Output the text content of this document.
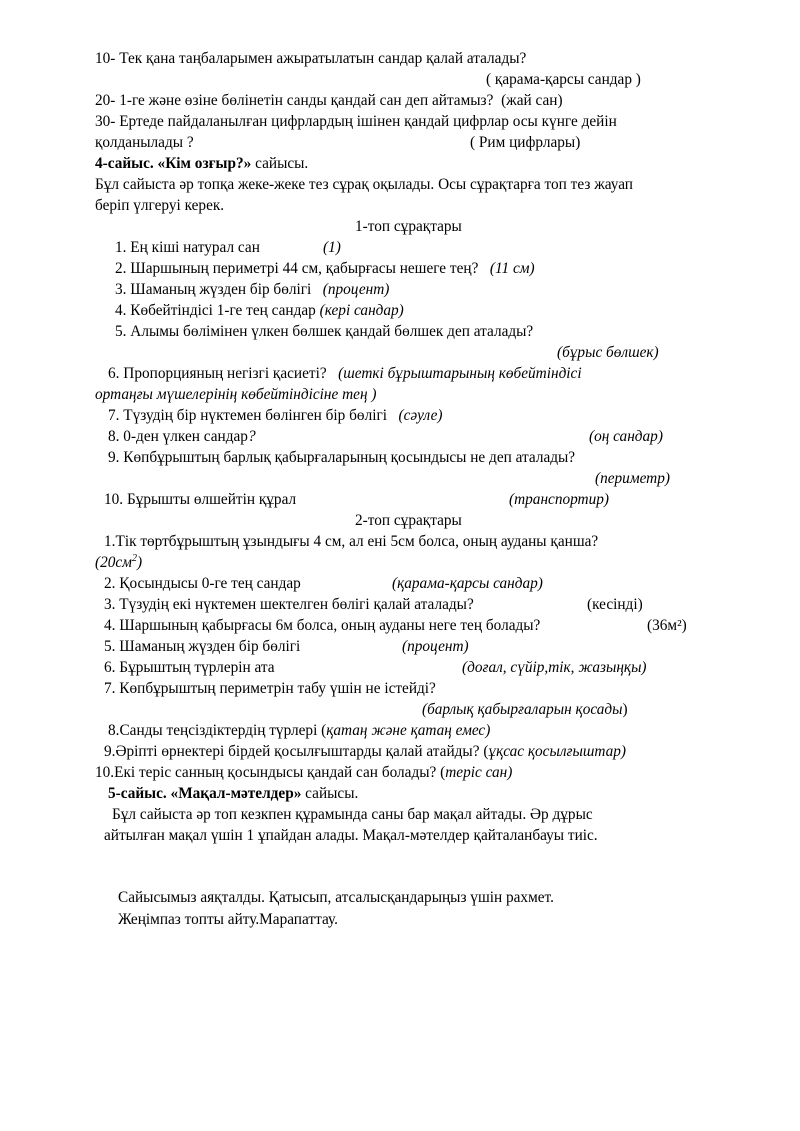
10- Тек қана таңбаларымен ажыратылатын сандар қалай аталады?
( қарама-қарсы сандар )
20- 1-ге және өзіне бөлінетін санды қандай сан деп айтамыз? (жай сан)
30- Ертеде пайдаланылған цифрлардың ішінен қандай цифрлар осы күнге дейін
қолданылады ?	( Рим цифрлары)
4-сайыс. «Кім озғыр?» сайысы.
Бұл сайыста әр топқа жеке-жеке тез сұрақ оқылады. Осы сұрақтарға топ тез жауап
беріп үлгеруі керек.
1-топ сұрақтары
1. Ең кіші натурал сан	(1)
2. Шаршының периметрі 44 см, қабырғасы нешеге тең? (11 см)
3. Шаманың жүзден бір бөлігі (процент)
4. Көбейтіндісі 1-ге тең сандар (кері сандар)
5. Алымы бөлімінен үлкен бөлшек қандай бөлшек деп аталады?
(бұрыс бөлшек)
6. Пропорцияның негізгі қасиеті? (шеткі бұрыштарының көбейтіндісі
ортаңғы мүшелерінің көбейтіндісіне тең )
7. Түзудің бір нүктемен бөлінген бір бөлігі (сәуле)
8. 0-ден үлкен сандар?	(оң сандар)
9. Көпбұрыштың барлық қабырғаларының қосындысы не деп аталады?
(периметр)
10. Бұрышты өлшейтін құрал	(транспортир)
2-топ сұрақтары
1.Тік төртбұрыштың ұзындығы 4 см, ал ені 5см болса, оның ауданы қанша?
$(20см^2)$
2. Қосындысы 0-ге тең сандар	(қарама-қарсы сандар)
3. Түзудің екі нүктемен шектелген бөлігі қалай аталады?	(кесінді)
4. Шаршының қабырғасы 6м болса, оның ауданы неге тең болады?	(36м²)
5. Шаманың жүзден бір бөлігі	(процент)
6. Бұрыштың түрлерін ата	(доғал, сүйір,тік, жазыңқы)
7. Көпбұрыштың периметрін табу үшін не істейді?
(барлық қабырғаларын қосады)
8.Санды теңсіздіктердің түрлері (қатаң және қатаң емес)
9.Әріпті өрнектері бірдей қосылғыштарды қалай атайды? (ұқсас қосылғыштар)
10.Екі теріс санның қосындысы қандай сан болады? (теріс сан)
5-сайыс. «Мақал-мәтелдер» сайысы.
Бұл сайыста әр топ кезкпен құрамында саны бар мақал айтады. Әр дұрыс
айтылған мақал үшін 1 ұпайдан алады. Мақал-мәтелдер қайталанбауы тиіс.
Сайысымыз аяқталды. Қатысып, атсалысқандарыңыз үшін рахмет.
Жеңімпаз топты айту.Марапаттау.
